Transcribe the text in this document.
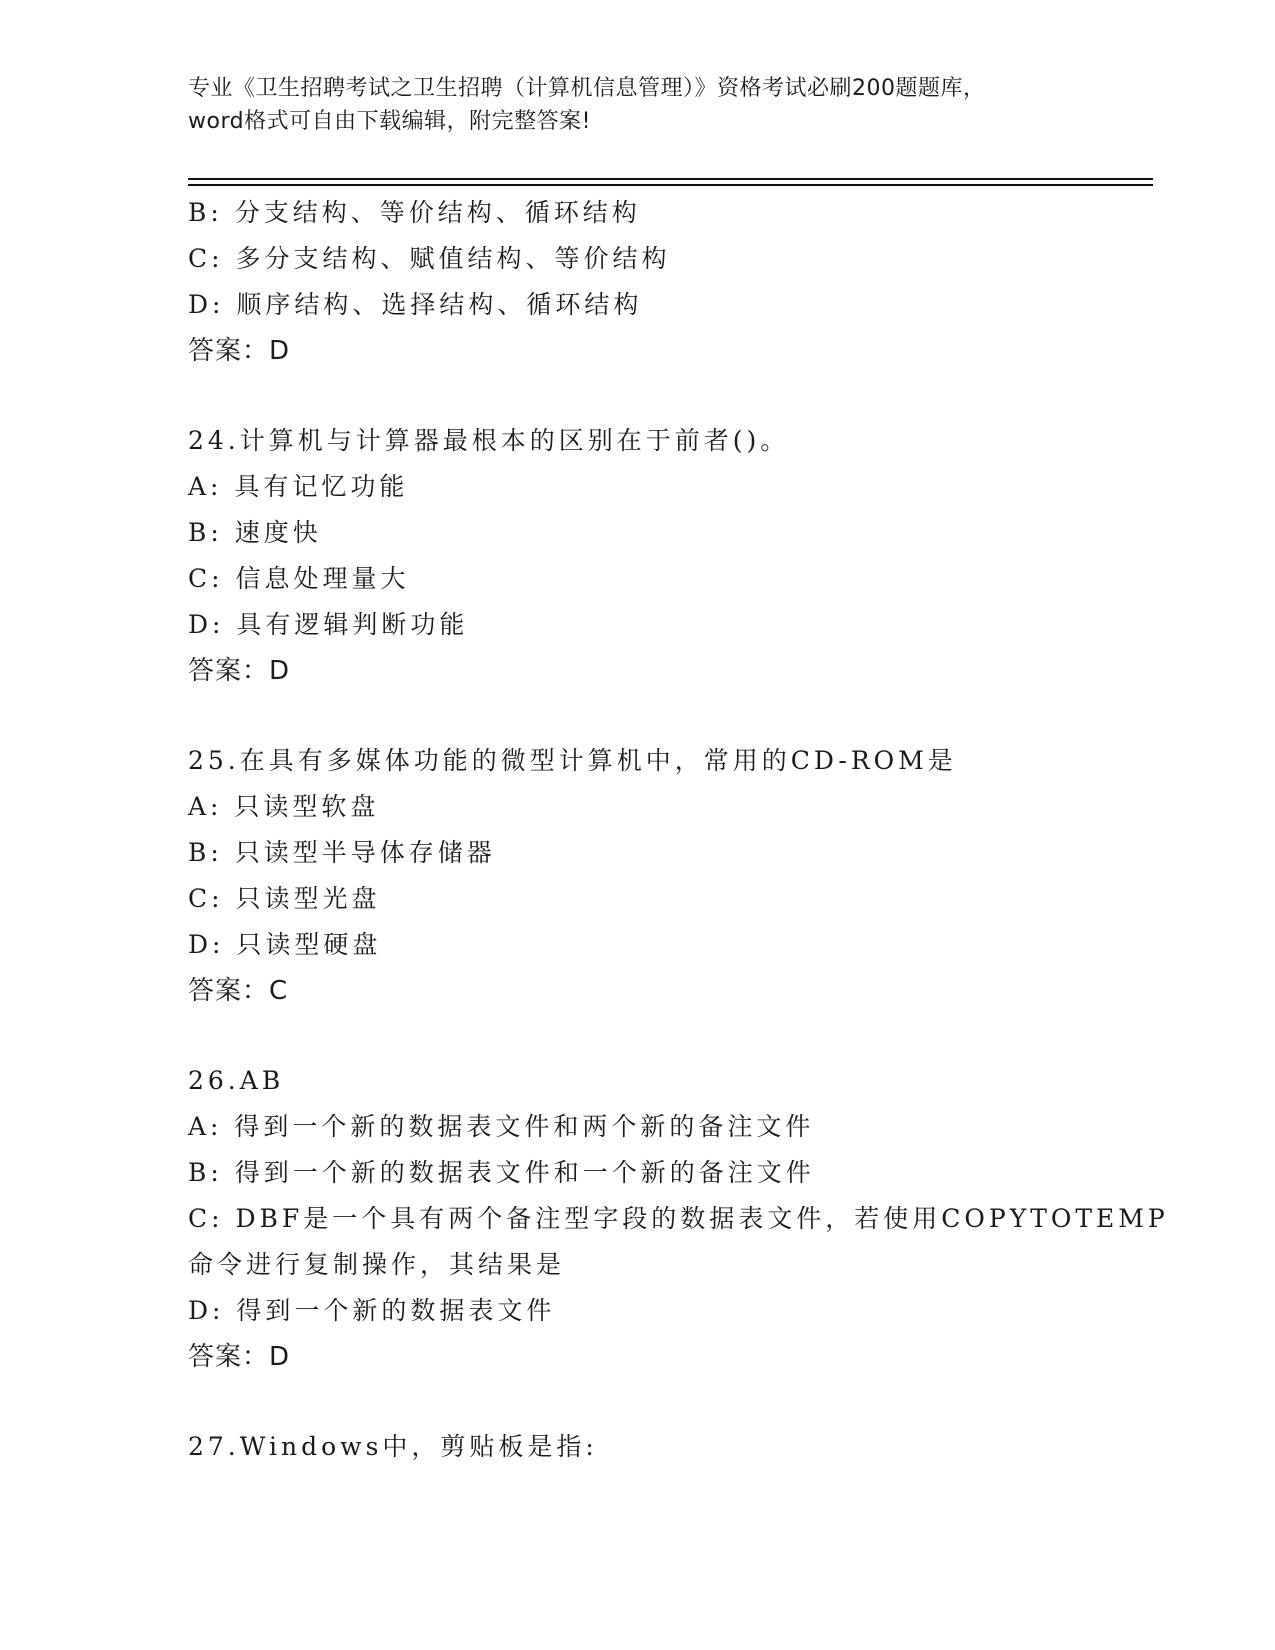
专业《卫生招聘考试之卫生招聘（计算机信息管理）》资格考试必刷200题题库，
word格式可自由下载编辑，附完整答案!
B: 分支结构、等价结构、循环结构
C: 多分支结构、赋值结构、等价结构
D: 顺序结构、选择结构、循环结构
答案：D
24.计算机与计算器最根本的区别在于前者()。
A: 具有记忆功能
B: 速度快
C: 信息处理量大
D: 具有逻辑判断功能
答案：D
25.在具有多媒体功能的微型计算机中，常用的CD-ROM是
A: 只读型软盘
B: 只读型半导体存储器
C: 只读型光盘
D: 只读型硬盘
答案：C
26.AB
A: 得到一个新的数据表文件和两个新的备注文件
B: 得到一个新的数据表文件和一个新的备注文件
C: DBF是一个具有两个备注型字段的数据表文件，若使用COPYTOTEMP
命令进行复制操作，其结果是
D: 得到一个新的数据表文件
答案：D
27.Windows中，剪贴板是指:
